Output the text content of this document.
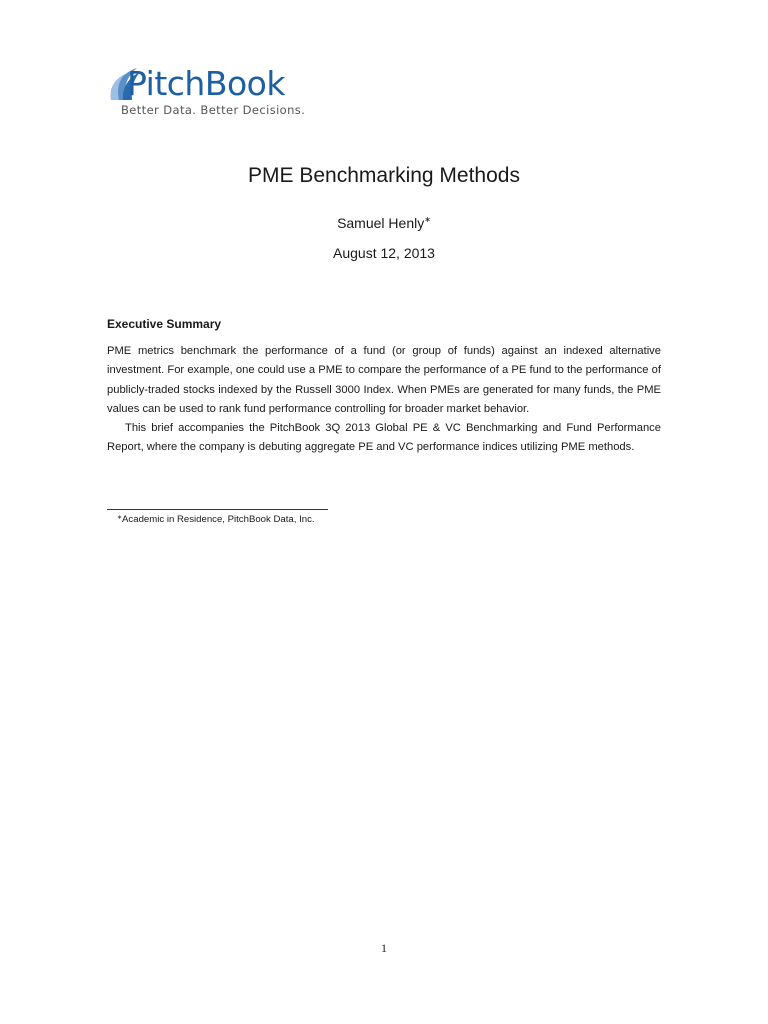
PitchBook
Better Data. Better Decisions.
PME Benchmarking Methods
Samuel Henly∗
August 12, 2013
Executive Summary

PME metrics benchmark the performance of a fund (or group of funds) against an indexed alternative investment. For example, one could use a PME to compare the performance of a PE fund to the performance of publicly-traded stocks indexed by the Russell 3000 Index. When PMEs are generated for many funds, the PME values can be used to rank fund performance controlling for broader market behavior.

This brief accompanies the PitchBook 3Q 2013 Global PE & VC Benchmarking and Fund Performance Report, where the company is debuting aggregate PE and VC performance indices utilizing PME methods.

∗Academic in Residence, PitchBook Data, Inc.
1
